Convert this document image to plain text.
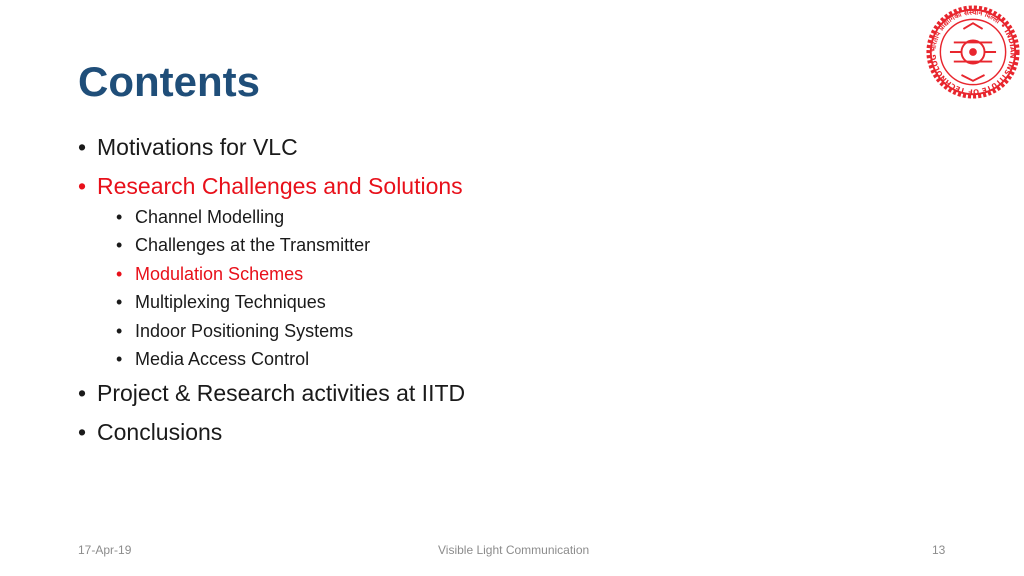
Contents
भारतीय प्रौद्योगिकी संस्थान दिल्ली • INDIAN INSTITUTE OF TECHNOLOG
• Motivations for VLC
• Research Challenges and Solutions
• Channel Modelling
• Challenges at the Transmitter
• Modulation Schemes
• Multiplexing Techniques
• Indoor Positioning Systems
• Media Access Control
• Project & Research activities at IITD
• Conclusions
17-Apr-19	Visible Light Communication	13
